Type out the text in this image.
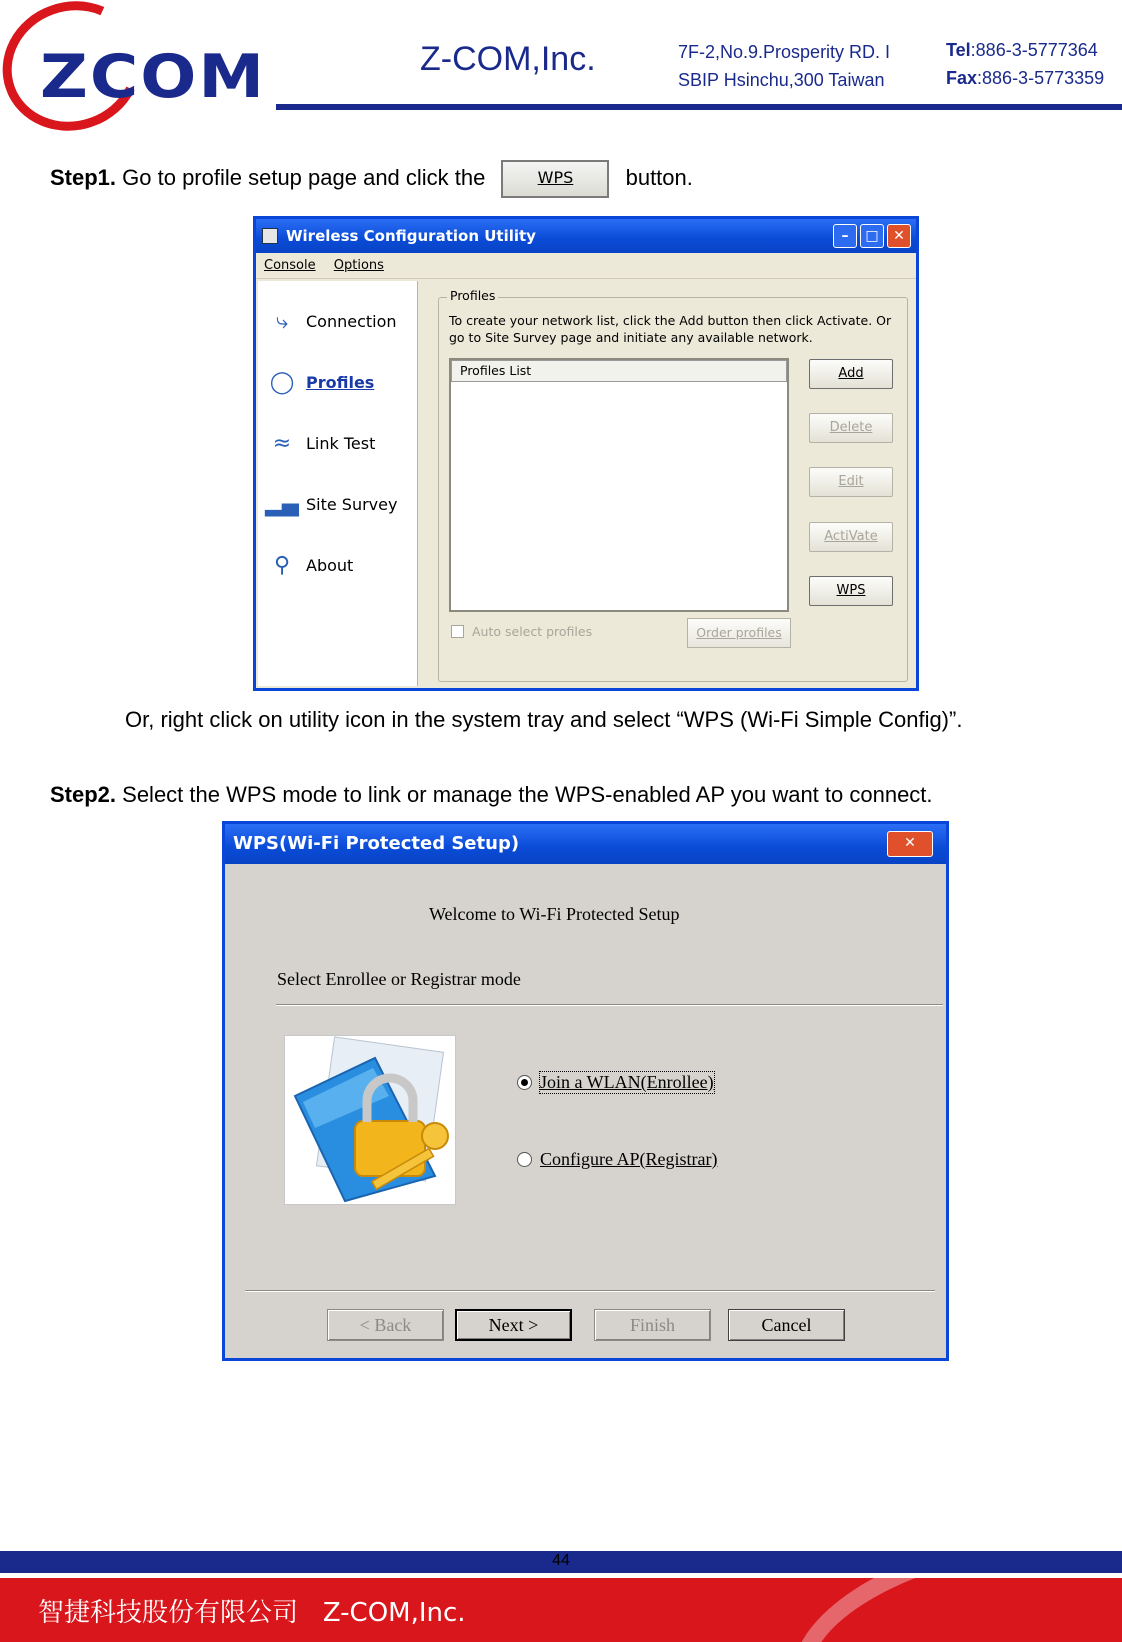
ZCOM	Z-COM,Inc.	7F-2,No.9.Prosperity RD. I
SBIP Hsinchu,300 Taiwan
Tel:886-3-5777364
Fax:886-3-5773359
Step1. Go to profile setup page and click the	WPS button.
Wireless Configuration Utility	–	□	✕
Console Options
⤷	Connection
◯ Profiles
≈ Link Test
▂▄ Site Survey
⚲ About
Profiles
To create your network list, click the Add button then click Activate. Or go to Site Survey page and initiate any available network.
Profiles List	Add
Delete
Edit
ActiVate
WPS
Auto select profiles	Order profiles
Or, right click on utility icon in the system tray and select “WPS (Wi-Fi Simple Config)”.
Step2. Select the WPS mode to link or manage the WPS-enabled AP you want to connect.
WPS(Wi-Fi Protected Setup)	✕
Welcome to Wi-Fi Protected Setup
Select Enrollee or Registrar mode
Join a WLAN(Enrollee)
Configure AP(Registrar)
< Back	Next >	Finish	Cancel
44
智捷科技股份有限公司 Z-COM,Inc.
